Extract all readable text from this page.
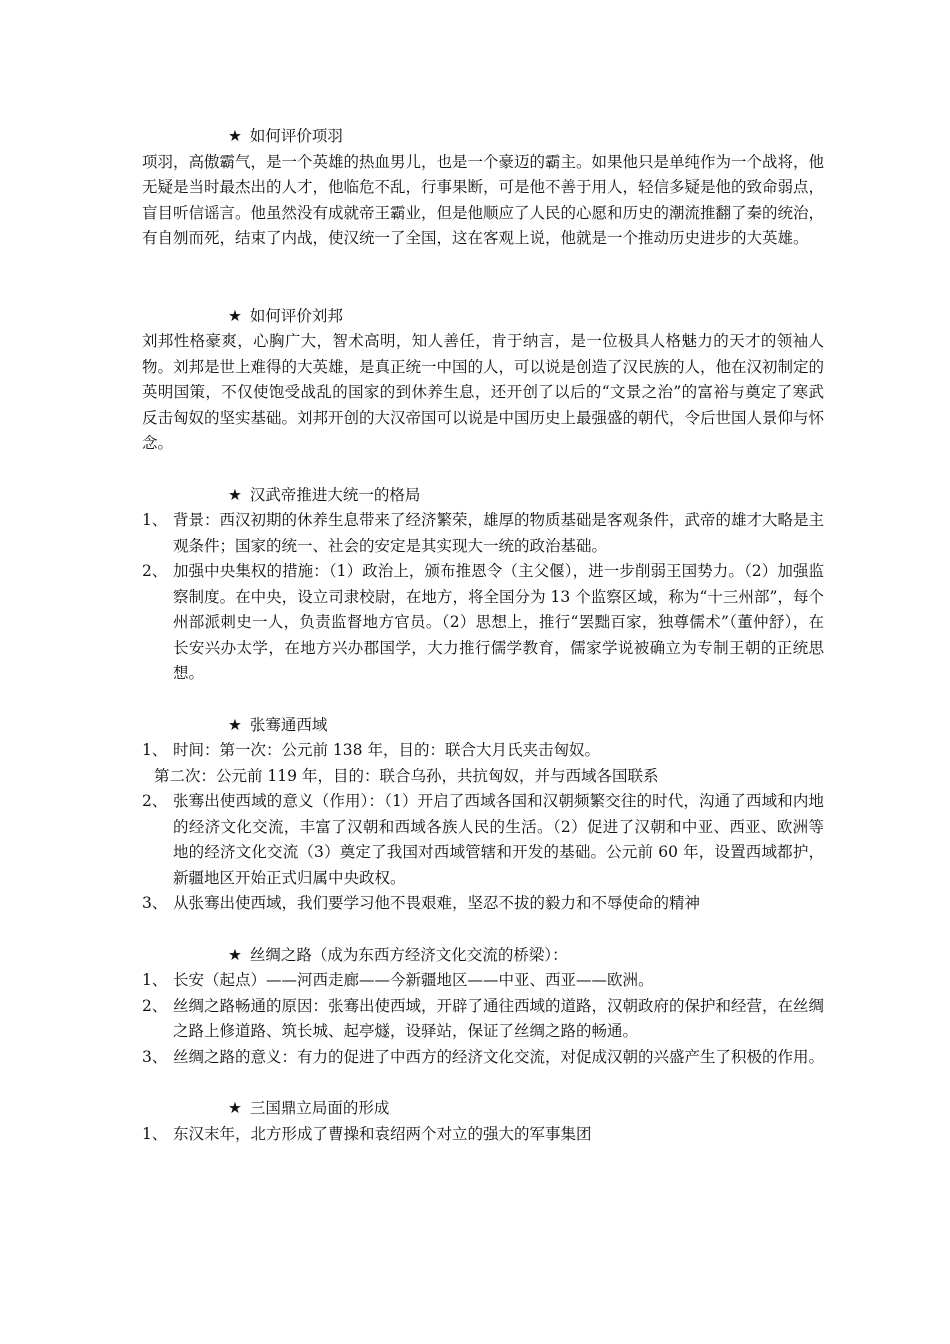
★ 如何评价项羽

项羽，高傲霸气，是一个英雄的热血男儿，也是一个豪迈的霸主。如果他只是单纯作为一个战将，他无疑是当时最杰出的人才，他临危不乱，行事果断，可是他不善于用人，轻信多疑是他的致命弱点，盲目听信谣言。他虽然没有成就帝王霸业，但是他顺应了人民的心愿和历史的潮流推翻了秦的统治，有自刎而死，结束了内战，使汉统一了全国，这在客观上说，他就是一个推动历史进步的大英雄。

★ 如何评价刘邦

刘邦性格豪爽，心胸广大，智术高明，知人善任，肯于纳言，是一位极具人格魅力的天才的领袖人物。刘邦是世上难得的大英雄，是真正统一中国的人，可以说是创造了汉民族的人，他在汉初制定的英明国策，不仅使饱受战乱的国家的到休养生息，还开创了以后的“文景之治”的富裕与奠定了寒武反击匈奴的坚实基础。刘邦开创的大汉帝国可以说是中国历史上最强盛的朝代，令后世国人景仰与怀念。

★ 汉武帝推进大统一的格局

1、 背景：西汉初期的休养生息带来了经济繁荣，雄厚的物质基础是客观条件，武帝的雄才大略是主观条件；国家的统一、社会的安定是其实现大一统的政治基础。

2、 加强中央集权的措施：（1）政治上，颁布推恩令（主父偃），进一步削弱王国势力。（2）加强监察制度。在中央，设立司隶校尉，在地方，将全国分为 13 个监察区域，称为“十三州部”，每个州部派刺史一人，负责监督地方官员。（2）思想上，推行“罢黜百家，独尊儒术”（董仲舒），在长安兴办太学，在地方兴办郡国学，大力推行儒学教育，儒家学说被确立为专制王朝的正统思想。

★ 张骞通西域

1、 时间：第一次：公元前 138 年，目的：联合大月氏夹击匈奴。

第二次：公元前 119 年，目的：联合乌孙，共抗匈奴，并与西域各国联系

2、 张骞出使西域的意义（作用）：（1）开启了西域各国和汉朝频繁交往的时代，沟通了西域和内地的经济文化交流，丰富了汉朝和西域各族人民的生活。（2）促进了汉朝和中亚、西亚、欧洲等地的经济文化交流（3）奠定了我国对西域管辖和开发的基础。公元前 60 年，设置西域都护，新疆地区开始正式归属中央政权。

3、 从张骞出使西域，我们要学习他不畏艰难，坚忍不拔的毅力和不辱使命的精神

★ 丝绸之路（成为东西方经济文化交流的桥梁）：

1、 长安（起点）——河西走廊——今新疆地区——中亚、西亚——欧洲。

2、 丝绸之路畅通的原因：张骞出使西域，开辟了通往西域的道路，汉朝政府的保护和经营，在丝绸之路上修道路、筑长城、起亭燧，设驿站，保证了丝绸之路的畅通。

3、 丝绸之路的意义：有力的促进了中西方的经济文化交流，对促成汉朝的兴盛产生了积极的作用。

★ 三国鼎立局面的形成

1、 东汉末年，北方形成了曹操和袁绍两个对立的强大的军事集团
